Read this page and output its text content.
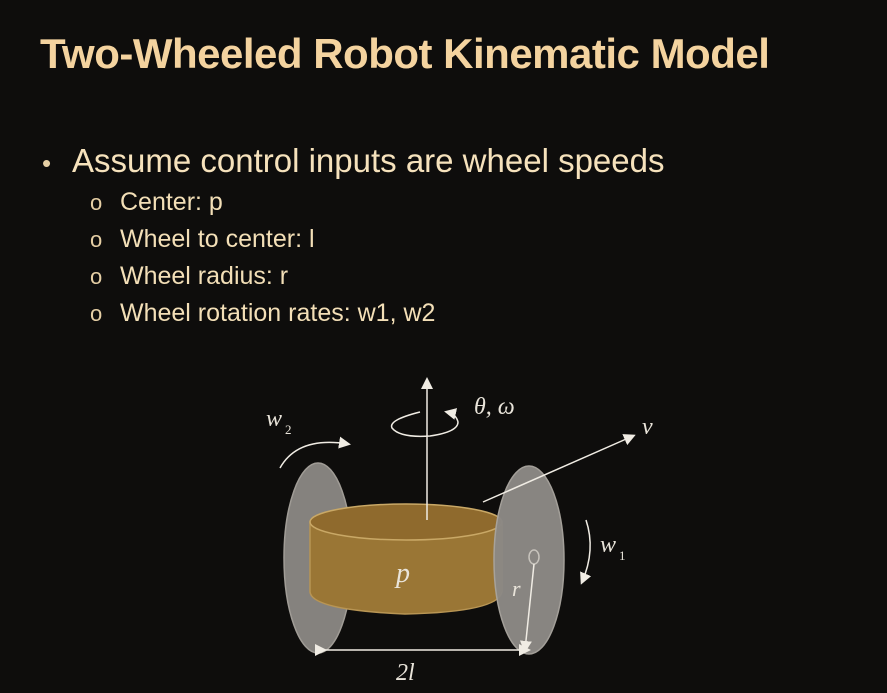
Two-Wheeled Robot Kinematic Model
• Assume control inputs are wheel speeds
o Center: p
o Wheel to center: l
o Wheel radius: r
o Wheel rotation rates: w1, w2
θ, ω
v
w 2
w 1
p	r
2l
